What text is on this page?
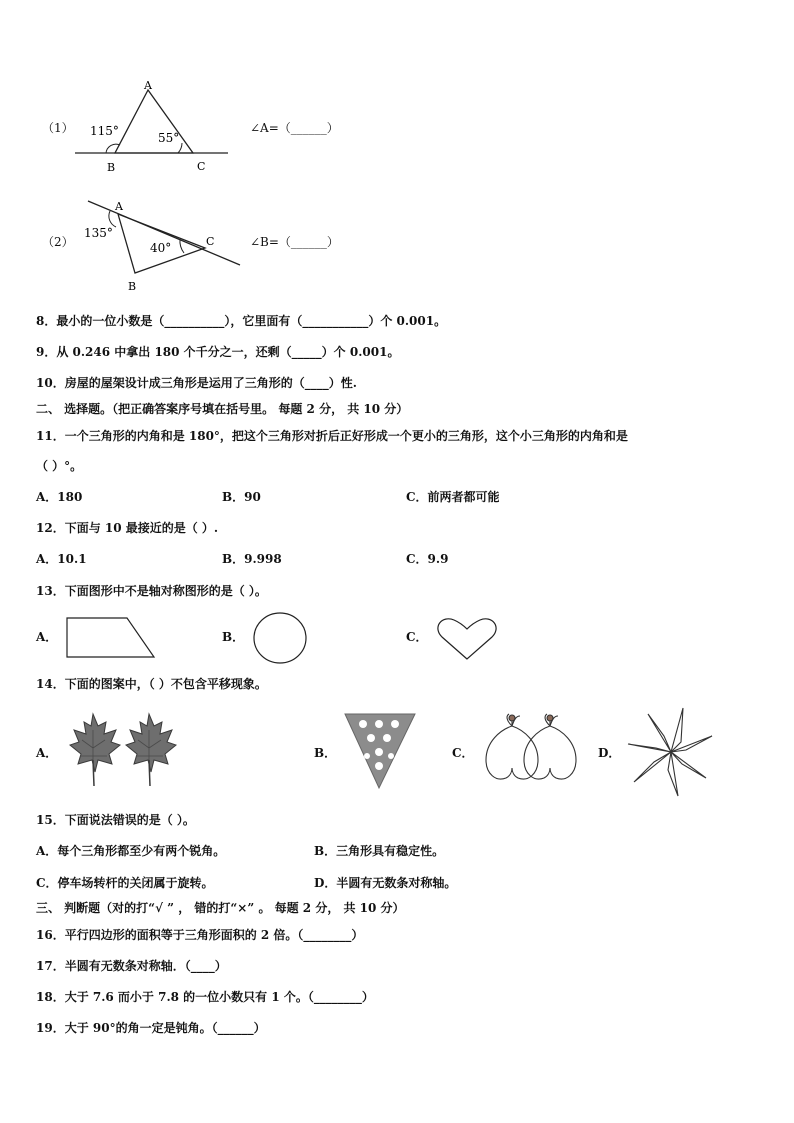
（1）
A
B	C
115°	55°
∠A=（______）
（2）
A
B
C
135°
40°	∠B=（______）
8．最小的一位小数是（__________），它里面有（___________）个 0.001。
9．从 0.246 中拿出 180 个千分之一，还剩（_____）个 0.001。
10．房屋的屋架设计成三角形是运用了三角形的（____）性.
二、 选择题。（把正确答案序号填在括号里。 每题 2 分， 共 10 分）
11．一个三角形的内角和是 180°，把这个三角形对折后正好形成一个更小的三角形，这个小三角形的内角和是
（ ）°。
A．180	B．90	C．前两者都可能
12．下面与 10 最接近的是（ ）.
A．10.1	B．9.998	C．9.9
13．下面图形中不是轴对称图形的是（ ）。
A．	B．	C．
14．下面的图案中，（ ）不包含平移现象。
A．	B．	C．	D．
15．下面说法错误的是（ ）。
A．每个三角形都至少有两个锐角。	B．三角形具有稳定性。
C．停车场转杆的关闭属于旋转。	D．半圆有无数条对称轴。
三、 判断题（对的打“√ ” ， 错的打“×” 。 每题 2 分， 共 10 分）
16．平行四边形的面积等于三角形面积的 2 倍。（________）
17．半圆有无数条对称轴．（____）
18．大于 7.6 而小于 7.8 的一位小数只有 1 个。（________）
19．大于 90°的角一定是钝角。（______）
